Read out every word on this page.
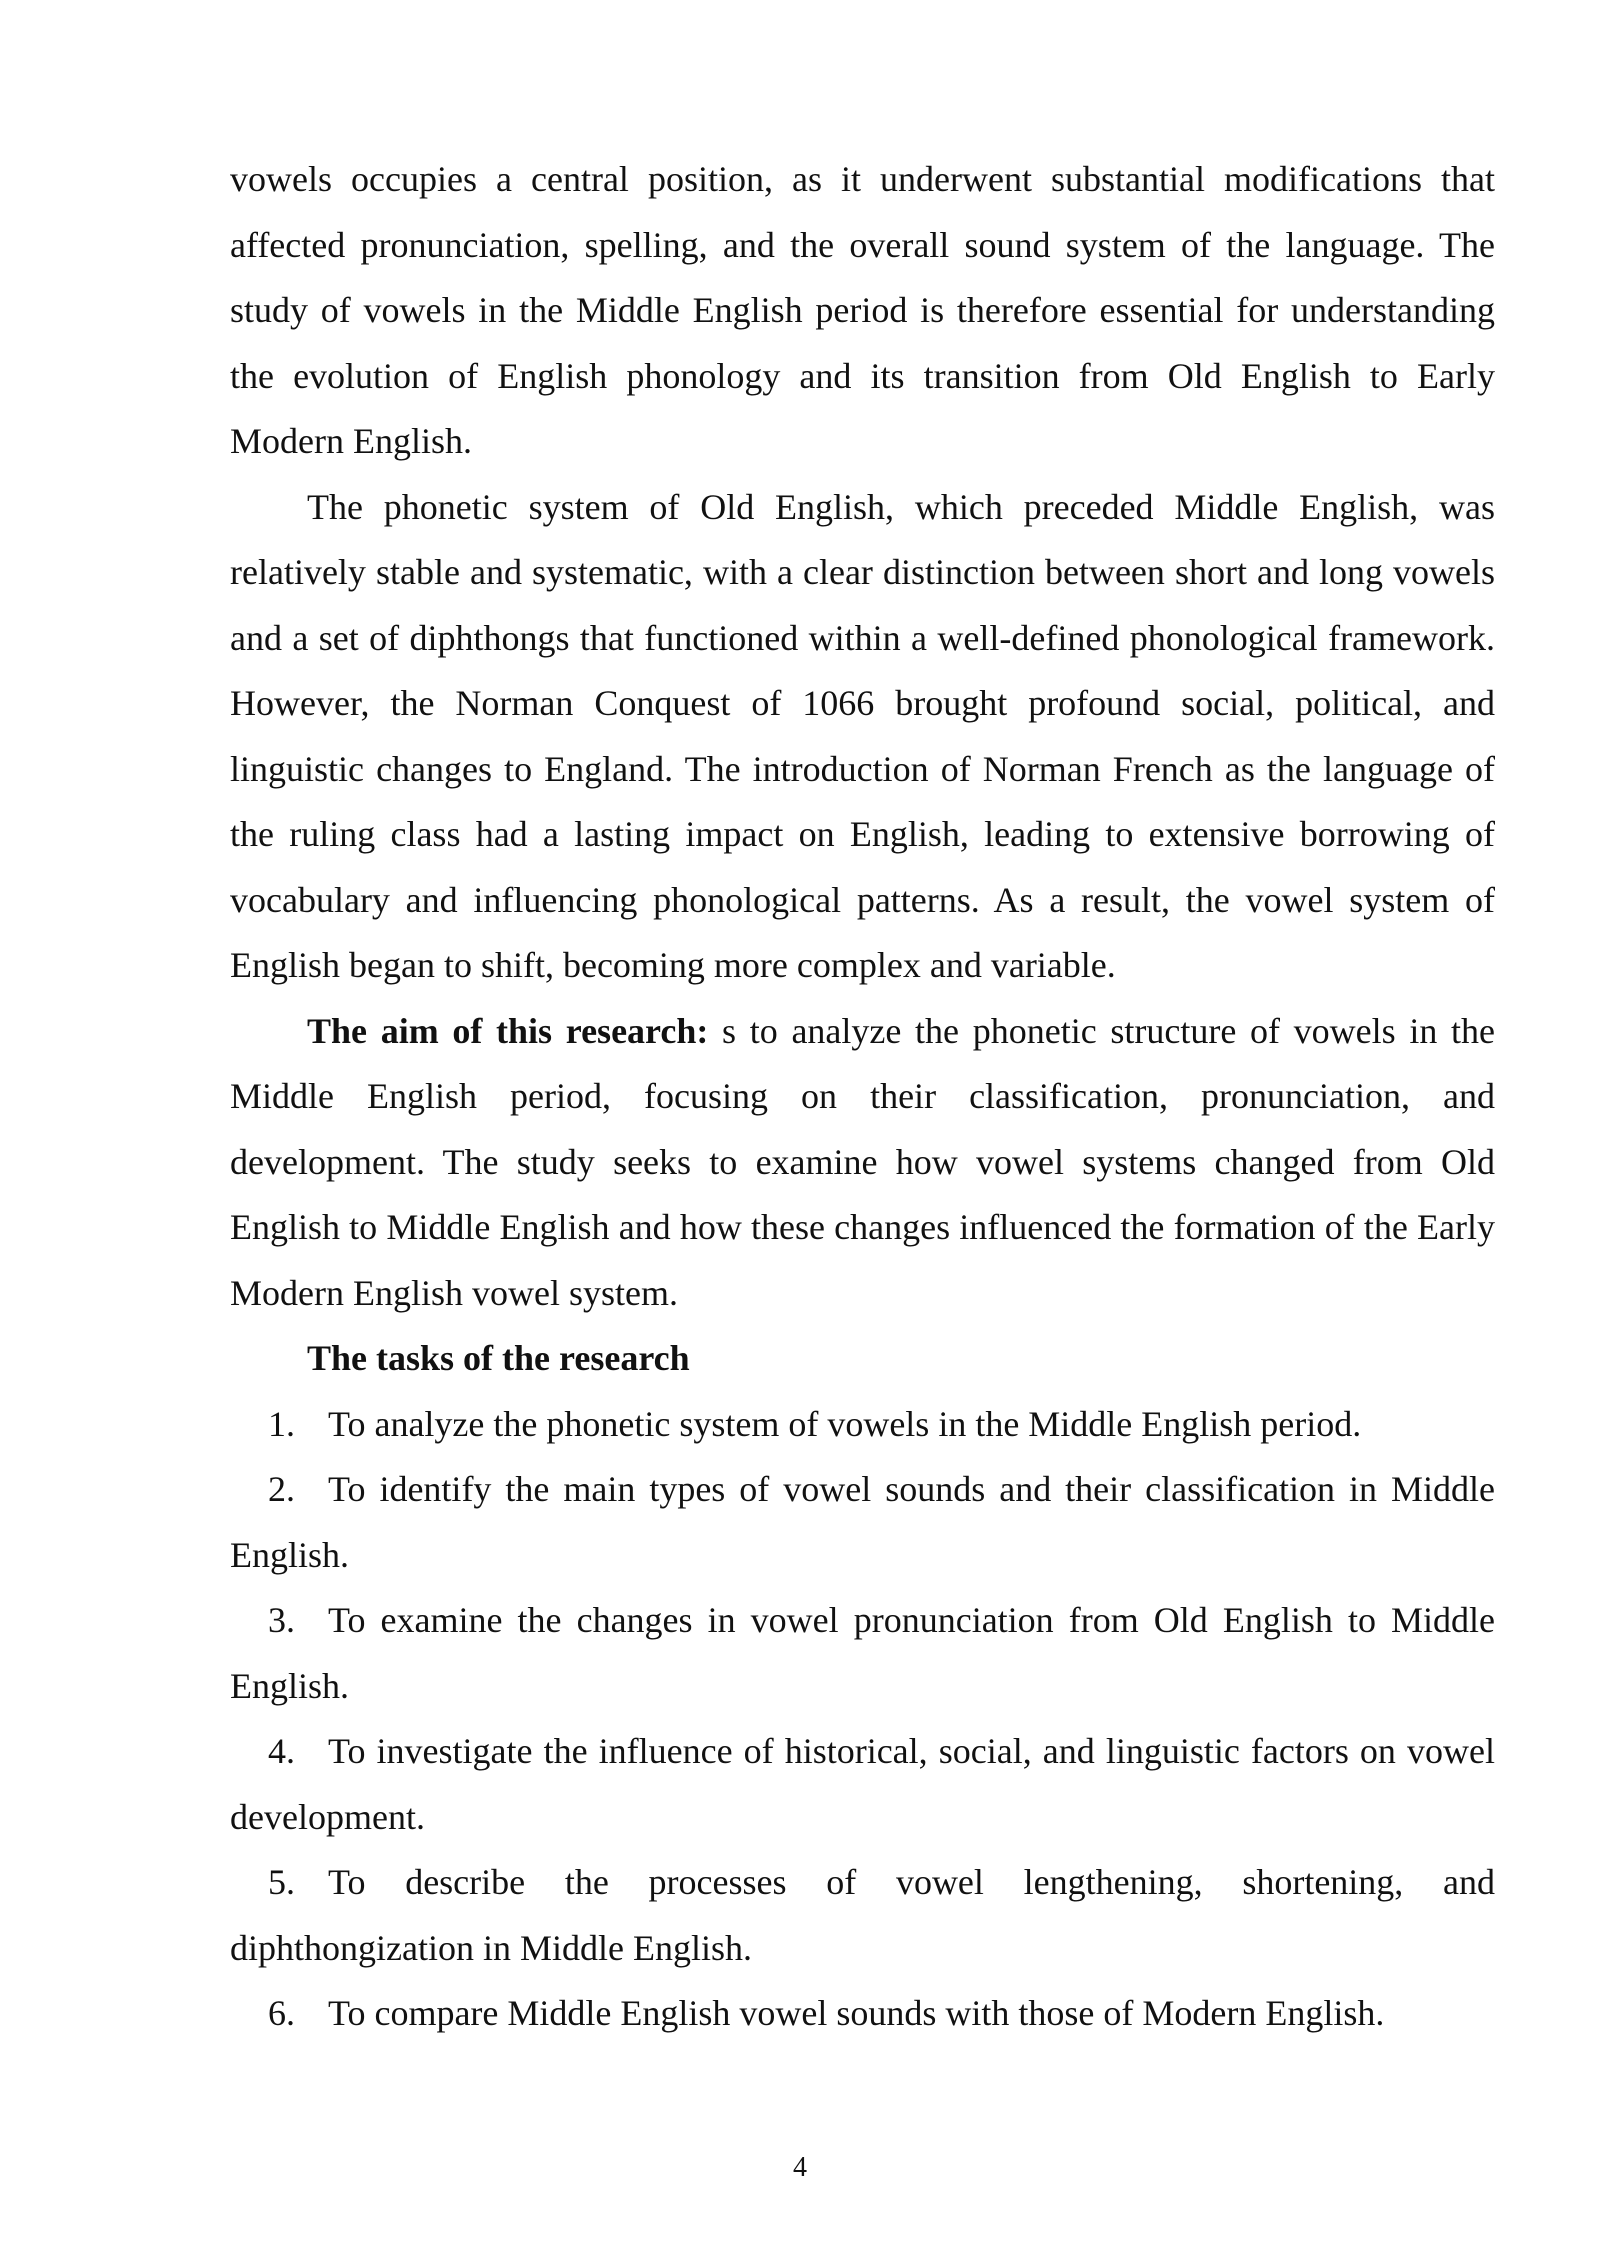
vowels occupies a central position, as it underwent substantial modifications that affected pronunciation, spelling, and the overall sound system of the language. The study of vowels in the Middle English period is therefore essential for understanding the evolution of English phonology and its transition from Old English to Early Modern English.

The phonetic system of Old English, which preceded Middle English, was relatively stable and systematic, with a clear distinction between short and long vowels and a set of diphthongs that functioned within a well-defined phonological framework. However, the Norman Conquest of 1066 brought profound social, political, and linguistic changes to England. The introduction of Norman French as the language of the ruling class had a lasting impact on English, leading to extensive borrowing of vocabulary and influencing phonological patterns. As a result, the vowel system of English began to shift, becoming more complex and variable.

The aim of this research: s to analyze the phonetic structure of vowels in the Middle English period, focusing on their classification, pronunciation, and development. The study seeks to examine how vowel systems changed from Old English to Middle English and how these changes influenced the formation of the Early Modern English vowel system.

The tasks of the research

1. To analyze the phonetic system of vowels in the Middle English period.

2. To identify the main types of vowel sounds and their classification in Middle English.

3. To examine the changes in vowel pronunciation from Old English to Middle English.

4. To investigate the influence of historical, social, and linguistic factors on vowel development.

5. To describe the processes of vowel lengthening, shortening, and diphthongization in Middle English.

6. To compare Middle English vowel sounds with those of Modern English.

4
